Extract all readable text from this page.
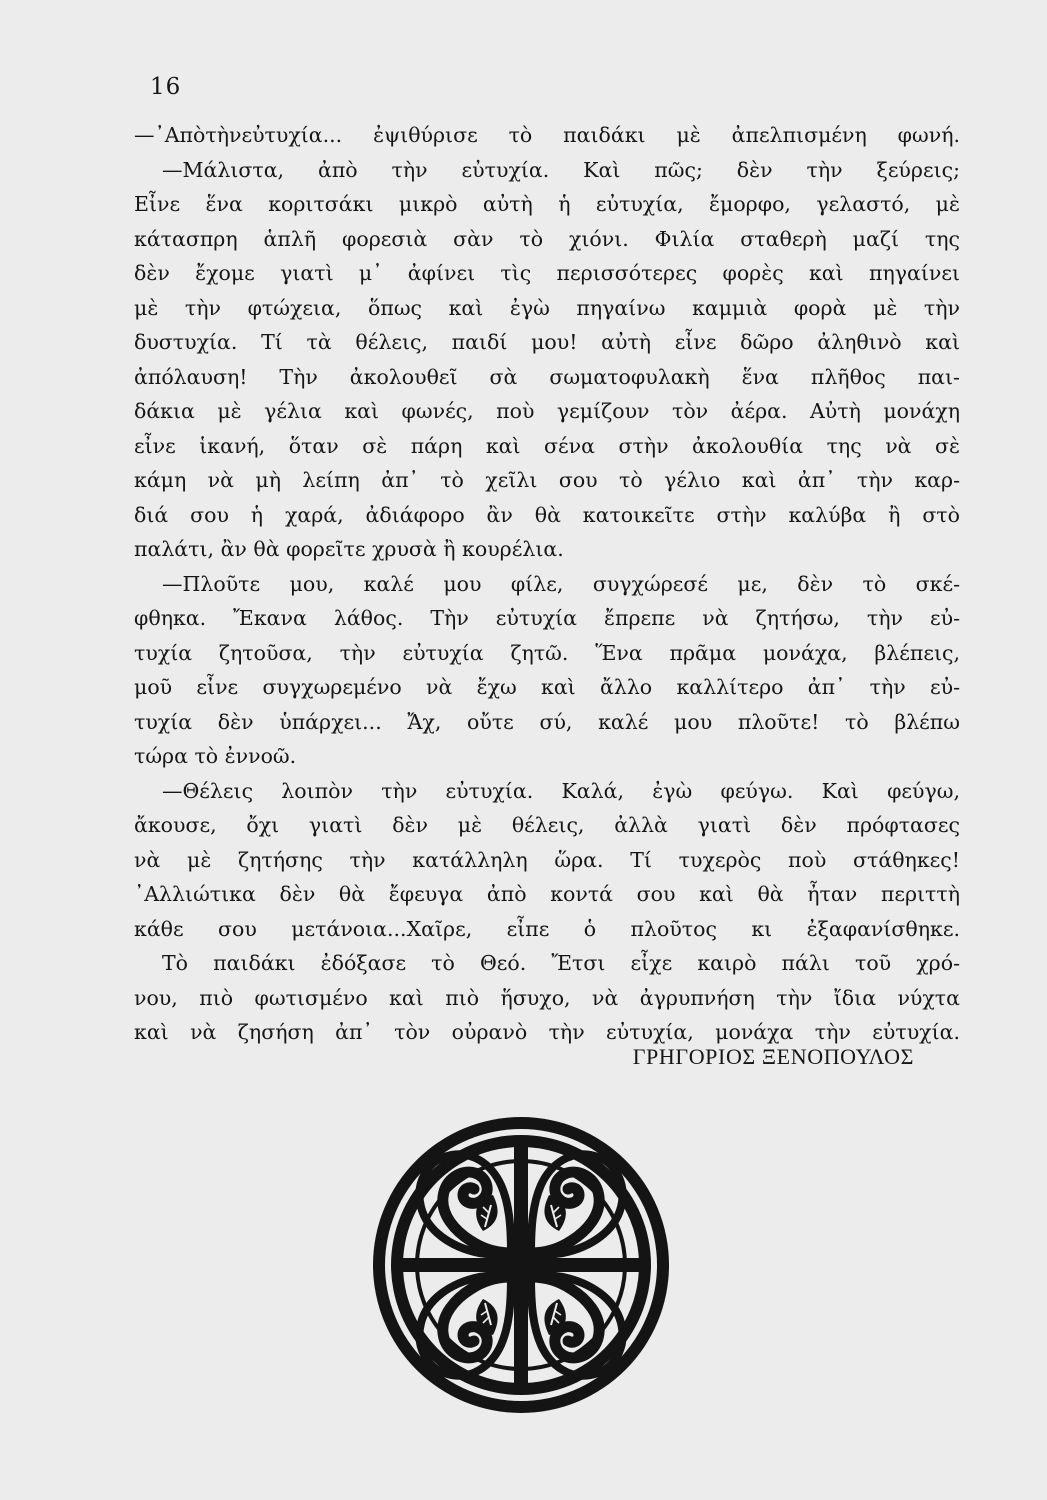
16
—᾽Απὸτὴνεὐτυχία... ἐψιθύρισε τὸ παιδάκι μὲ ἀπελπισμένη φωνή.
—Μάλιστα, ἀπὸ τὴν εὐτυχία. Καὶ πῶς; δὲν τὴν ξεύρεις;
Εἶνε ἕνα κοριτσάκι μικρὸ αὐτὴ ἡ εὐτυχία, ἔμορφο, γελαστό, μὲ
κάτασπρη ἁπλῆ φορεσιὰ σὰν τὸ χιόνι. Φιλία σταθερὴ μαζί της
δὲν ἔχομε γιατὶ μ᾽ ἀφίνει τὶς περισσότερες φορὲς καὶ πηγαίνει
μὲ τὴν φτώχεια, ὅπως καὶ ἐγὼ πηγαίνω καμμιὰ φορὰ μὲ τὴν
δυστυχία. Τί τὰ θέλεις, παιδί μου! αὐτὴ εἶνε δῶρο ἀληθινὸ καὶ
ἀπόλαυση! Τὴν ἀκολουθεῖ σὰ σωματοφυλακὴ ἕνα πλῆθος παι-
δάκια μὲ γέλια καὶ φωνές, ποὺ γεμίζουν τὸν ἀέρα. Αὐτὴ μονάχη
εἶνε ἱκανή, ὅταν σὲ πάρη καὶ σένα στὴν ἀκολουθία της νὰ σὲ
κάμη νὰ μὴ λείπη ἀπ᾽ τὸ χεῖλι σου τὸ γέλιο καὶ ἀπ᾽ τὴν καρ-
διά σου ἡ χαρά, ἀδιάφορο ἂν θὰ κατοικεῖτε στὴν καλύβα ἢ στὸ
παλάτι, ἂν θὰ φορεῖτε χρυσὰ ἢ κουρέλια.
—Πλοῦτε μου, καλέ μου φίλε, συγχώρεσέ με, δὲν τὸ σκέ-
φθηκα. Ἔκανα λάθος. Τὴν εὐτυχία ἔπρεπε νὰ ζητήσω, τὴν εὐ-
τυχία ζητοῦσα, τὴν εὐτυχία ζητῶ. Ἕνα πρᾶμα μονάχα, βλέπεις,
μοῦ εἶνε συγχωρεμένο νὰ ἔχω καὶ ἄλλο καλλίτερο ἀπ᾽ τὴν εὐ-
τυχία δὲν ὑπάρχει... Ἄχ, οὔτε σύ, καλέ μου πλοῦτε! τὸ βλέπω
τώρα τὸ ἐννοῶ.
—Θέλεις λοιπὸν τὴν εὐτυχία. Καλά, ἐγὼ φεύγω. Καὶ φεύγω,
ἄκουσε, ὄχι γιατὶ δὲν μὲ θέλεις, ἀλλὰ γιατὶ δὲν πρόφτασες
νὰ μὲ ζητήσης τὴν κατάλληλη ὥρα. Τί τυχερὸς ποὺ στάθηκες!
᾽Αλλιώτικα δὲν θὰ ἔφευγα ἀπὸ κοντά σου καὶ θὰ ἦταν περιττὴ
κάθε σου μετάνοια...Χαῖρε, εἶπε ὁ πλοῦτος κι ἐξαφανίσθηκε.
Τὸ παιδάκι ἐδόξασε τὸ Θεό. Ἔτσι εἶχε καιρὸ πάλι τοῦ χρό-
νου, πιὸ φωτισμένο καὶ πιὸ ἥσυχο, νὰ ἀγρυπνήση τὴν ἴδια νύχτα
καὶ νὰ ζησήση ἀπ᾽ τὸν οὐρανὸ τὴν εὐτυχία, μονάχα τὴν εὐτυχία.
ΓΡΗΓΟΡΙΟΣ ΞΕΝΟΠΟΥΛΟΣ
